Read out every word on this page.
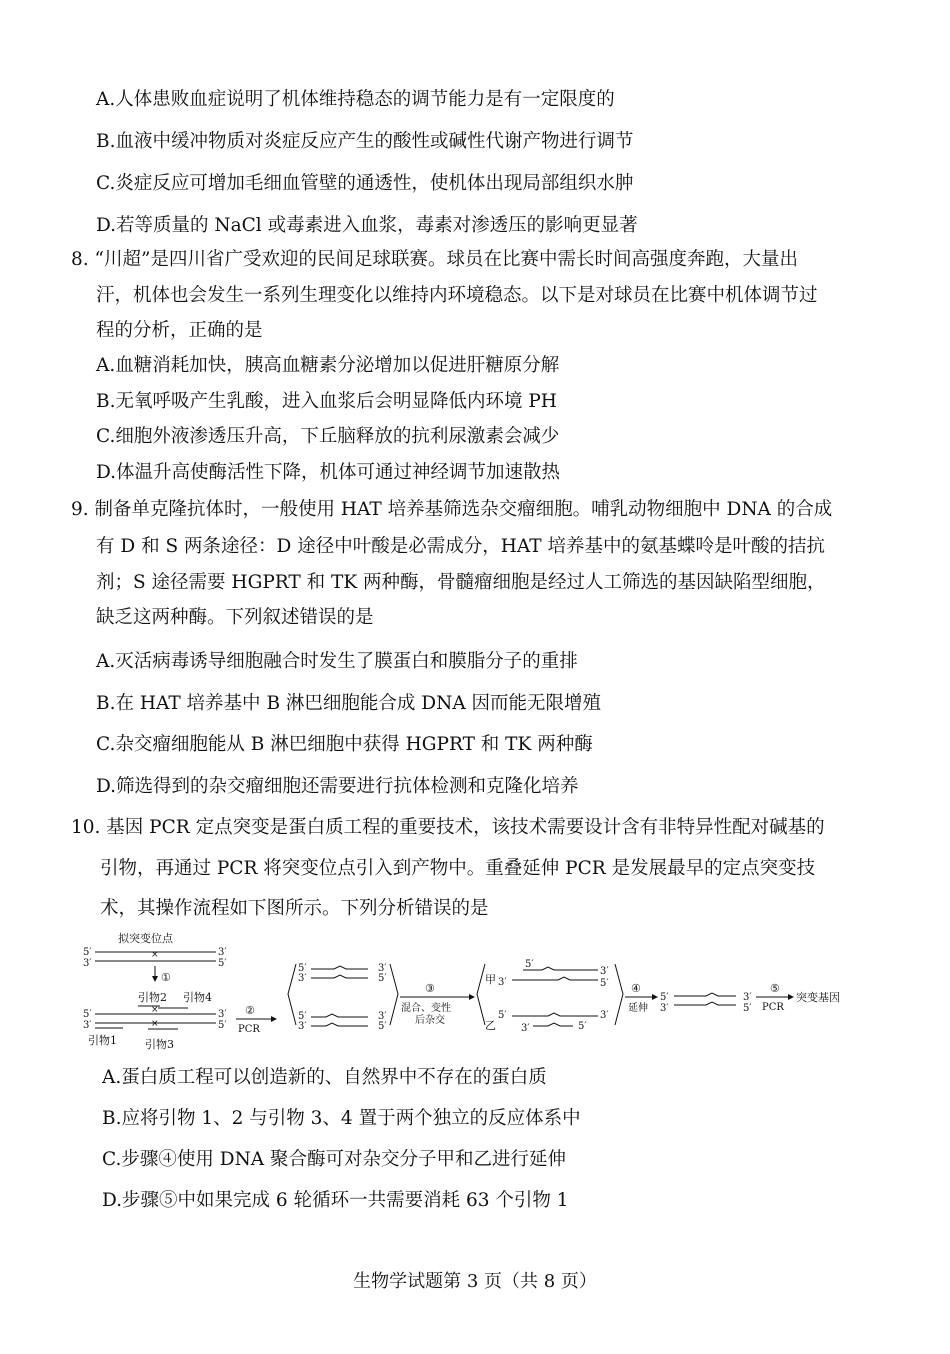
A.人体患败血症说明了机体维持稳态的调节能力是有一定限度的
B.血液中缓冲物质对炎症反应产生的酸性或碱性代谢产物进行调节
C.炎症反应可增加毛细血管壁的通透性，使机体出现局部组织水肿
D.若等质量的 NaCl 或毒素进入血浆，毒素对渗透压的影响更显著
8. “川超”是四川省广受欢迎的民间足球联赛。球员在比赛中需长时间高强度奔跑，大量出
汗，机体也会发生一系列生理变化以维持内环境稳态。以下是对球员在比赛中机体调节过
程的分析，正确的是
A.血糖消耗加快，胰高血糖素分泌增加以促进肝糖原分解
B.无氧呼吸产生乳酸，进入血浆后会明显降低内环境 PH
C.细胞外液渗透压升高，下丘脑释放的抗利尿激素会减少
D.体温升高使酶活性下降，机体可通过神经调节加速散热
9. 制备单克隆抗体时，一般使用 HAT 培养基筛选杂交瘤细胞。哺乳动物细胞中 DNA 的合成
有 D 和 S 两条途径：D 途径中叶酸是必需成分，HAT 培养基中的氨基蝶呤是叶酸的拮抗
剂；S 途径需要 HGPRT 和 TK 两种酶，骨髓瘤细胞是经过人工筛选的基因缺陷型细胞，
缺乏这两种酶。下列叙述错误的是
A.灭活病毒诱导细胞融合时发生了膜蛋白和膜脂分子的重排
B.在 HAT 培养基中 B 淋巴细胞能合成 DNA 因而能无限增殖
C.杂交瘤细胞能从 B 淋巴细胞中获得 HGPRT 和 TK 两种酶
D.筛选得到的杂交瘤细胞还需要进行抗体检测和克隆化培养
10. 基因 PCR 定点突变是蛋白质工程的重要技术，该技术需要设计含有非特异性配对碱基的
引物，再通过 PCR 将突变位点引入到产物中。重叠延伸 PCR 是发展最早的定点突变技
术，其操作流程如下图所示。下列分析错误的是
拟突变位点
5′
3′
3′
5′
×
①
引物2 引物4
5′
3′
3′
5′
×
×
引物1	引物3
②
PCR
5′
3′
3′
5′
5′
3′
3′
5′
③
混合、变性
后杂交
甲 3′
3′
5′
5′
乙
5′	3′
3′	5′
④
延伸
5′
3′
3′
5′
⑤
PCR
突变基因
A.蛋白质工程可以创造新的、自然界中不存在的蛋白质
B.应将引物 1、2 与引物 3、4 置于两个独立的反应体系中
C.步骤④使用 DNA 聚合酶可对杂交分子甲和乙进行延伸
D.步骤⑤中如果完成 6 轮循环一共需要消耗 63 个引物 1
生物学试题第 3 页（共 8 页）
